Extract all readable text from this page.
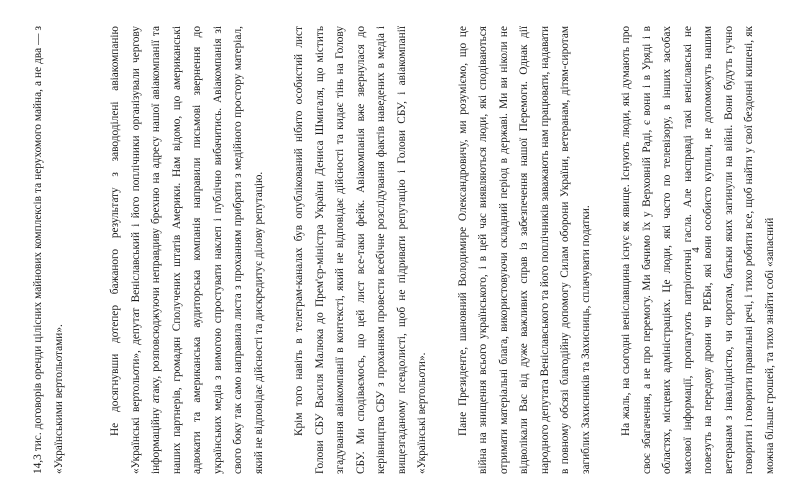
14,3 тис. договорів оренди цілісних майнових комплексів та нерухомого майна, а не два — з «Українськими вертольотами».	Не досягнувши дотепер бажаного результату з завододілені авіакомпанію «Українські вертольоти», депутат Веніславський і його поплічники організували чергову інформаційну атаку, розповсюджуючи неправдиву брехню на адресу нашої авіакомпанії та наших партнерів, громадян Сполучених штатів Америки. Нам відомо, що американські адвокати та американська аудиторська компанія направили письмові звернення до українських медіа з вимогою спростувати наклеп і публічно вибачитись. Авіакомпанія зі свого боку так само направила листа з проханням прибрати з медійного простору матеріал, який не відповідає дійсності та дискредитує ділову репутацію.	Крім того навіть в телеграм-каналах був опублікований нібито особистий лист Голови СБУ Василя Малюка до Прем'єр-міністра України Дениса Шмигаля, що містить згадування авіакомпанії в контексті, який не відповідає дійсності та кидає тінь на Голову СБУ. Ми сподіваємось, що цей лист все-таки фейк. Авіакомпанія вже звернулася до керівництва СБУ з проханням провести всебічне розслідування фактів наведених в медіа і вищезгаданому псевдолисті, щоб не підривати репутацію і Голови СБУ, і авіакомпанії «Українські вертольоти».	Пане Президенте, шановний Володимире Олександровичу, ми розуміємо, що це війна на знищення всього українського, і в цей час виявляються люди, які сподіваються отримати матеріальні блага, використовуючи складний період в державі. Ми ви ніколи не відволікали Вас від дуже важливих справ із забезпечення нашої Перемоги. Однак дії народного депутата Веніславського та його поплічників заважають нам працювати, надавати в повному обсязі благодійну допомогу Силам оборони України, ветеранам, дітям-сиротам загиблих Захисників та Захисниць, сплачувати податки.	На жаль, на сьогодні веніславщина існує як явище. Існують люди, які думають про своє збагачення, а не про перемогу. Ми бачимо їх у Верховній Раді, є вони і в Уряді і в областях, місцевих адміністраціях. Це люди, які часто по телевізору, в інших засобах масової інформації, пропагують патріотичні гасла. Але насправді такі веніславські не повезуть на передову дрони чи РЕБи, які вони особисто купили, не допоможуть нашим ветеранам з інвалідністю, чи сиротам, батьки яких загинули на війні. Вони будуть гучно говорити і говорити правильні речі, і тихо робити все, щоб найти у свої бездонні кишені, як можна більше грошей, та тихо знайти собі «запасний

4
